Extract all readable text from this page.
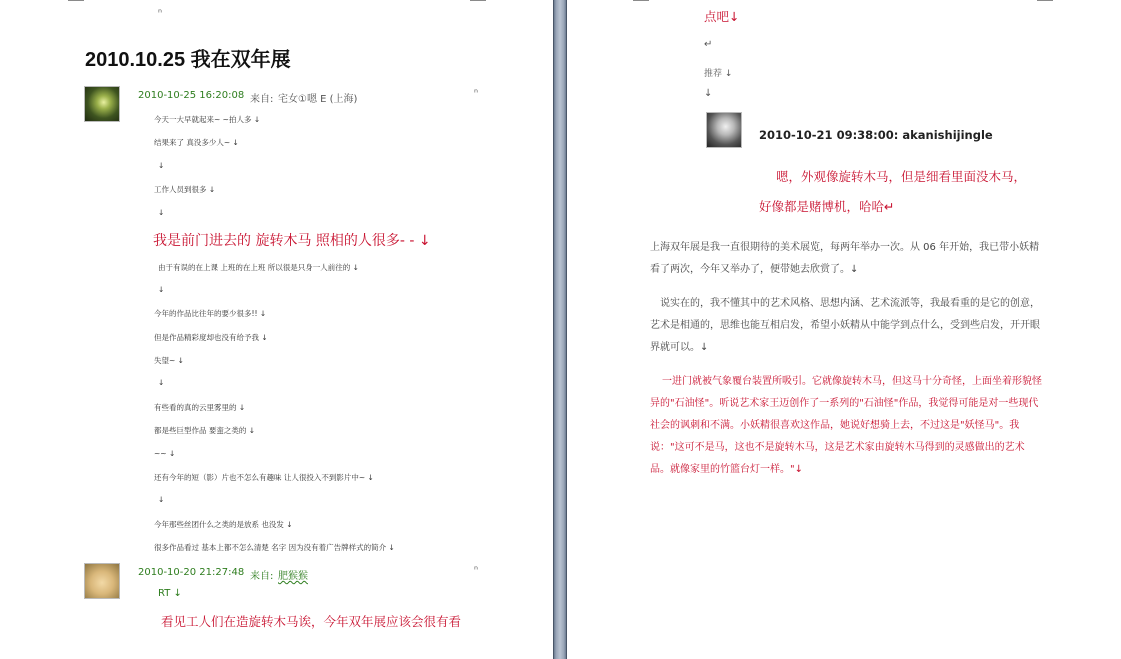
ⁿ
2010.10.25 我在双年展
2010-10-25 16:20:08 来自: 宅女①嗯 E (上海)
ⁿ
今天一大早就起来~ ~拍人多 ↓
结果来了 真没多少人~ ↓
↓
工作人员到很多 ↓
↓
我是前门进去的 旋转木马 照相的人很多- - ↓
由于有误的在上课 上班的在上班 所以很是只身一人前往的 ↓
↓
今年的作品比往年的要少很多!! ↓
但是作品精彩度却也没有给予我 ↓
失望~ ↓
↓
有些看的真的云里雾里的 ↓
都是些巨型作品 要蛮之类的 ↓
~~ ↓
还有今年的短（影）片也不怎么有趣味 让人很投入不到影片中~ ↓
↓
今年那些丝团什么之类的是放系 也没发 ↓
很多作品看过 基本上都不怎么清楚 名字 因为没有着广告牌样式的简介 ↓
2010-10-20 21:27:48 来自: 肥猴猴
ⁿ
RT ↓
看见工人们在造旋转木马诶，今年双年展应该会很有看
点吧↓
↵
推荐 ↓
↓
2010-10-21 09:38:00: akanishijingle
嗯，外观像旋转木马，但是细看里面没木马，
好像都是赌博机，哈哈↵
上海双年展是我一直很期待的美术展览，每两年举办一次。从 06 年开始，我已带小妖精看了两次，今年又举办了，便带她去欣赏了。↓
说实在的，我不懂其中的艺术风格、思想内涵、艺术流派等，我最看重的是它的创意，艺术是相通的，思维也能互相启发，希望小妖精从中能学到点什么，受到些启发，开开眼界就可以。↓
一进门就被气象覆台装置所吸引。它就像旋转木马，但这马十分奇怪，上面坐着形貌怪异的"石油怪"。听说艺术家王迈创作了一系列的"石油怪"作品，我觉得可能是对一些现代社会的讽刺和不满。小妖精很喜欢这作品，她说好想骑上去，不过这是"妖怪马"。我说："这可不是马，这也不是旋转木马，这是艺术家由旋转木马得到的灵感做出的艺术品。就像家里的竹篮台灯一样。"↓
